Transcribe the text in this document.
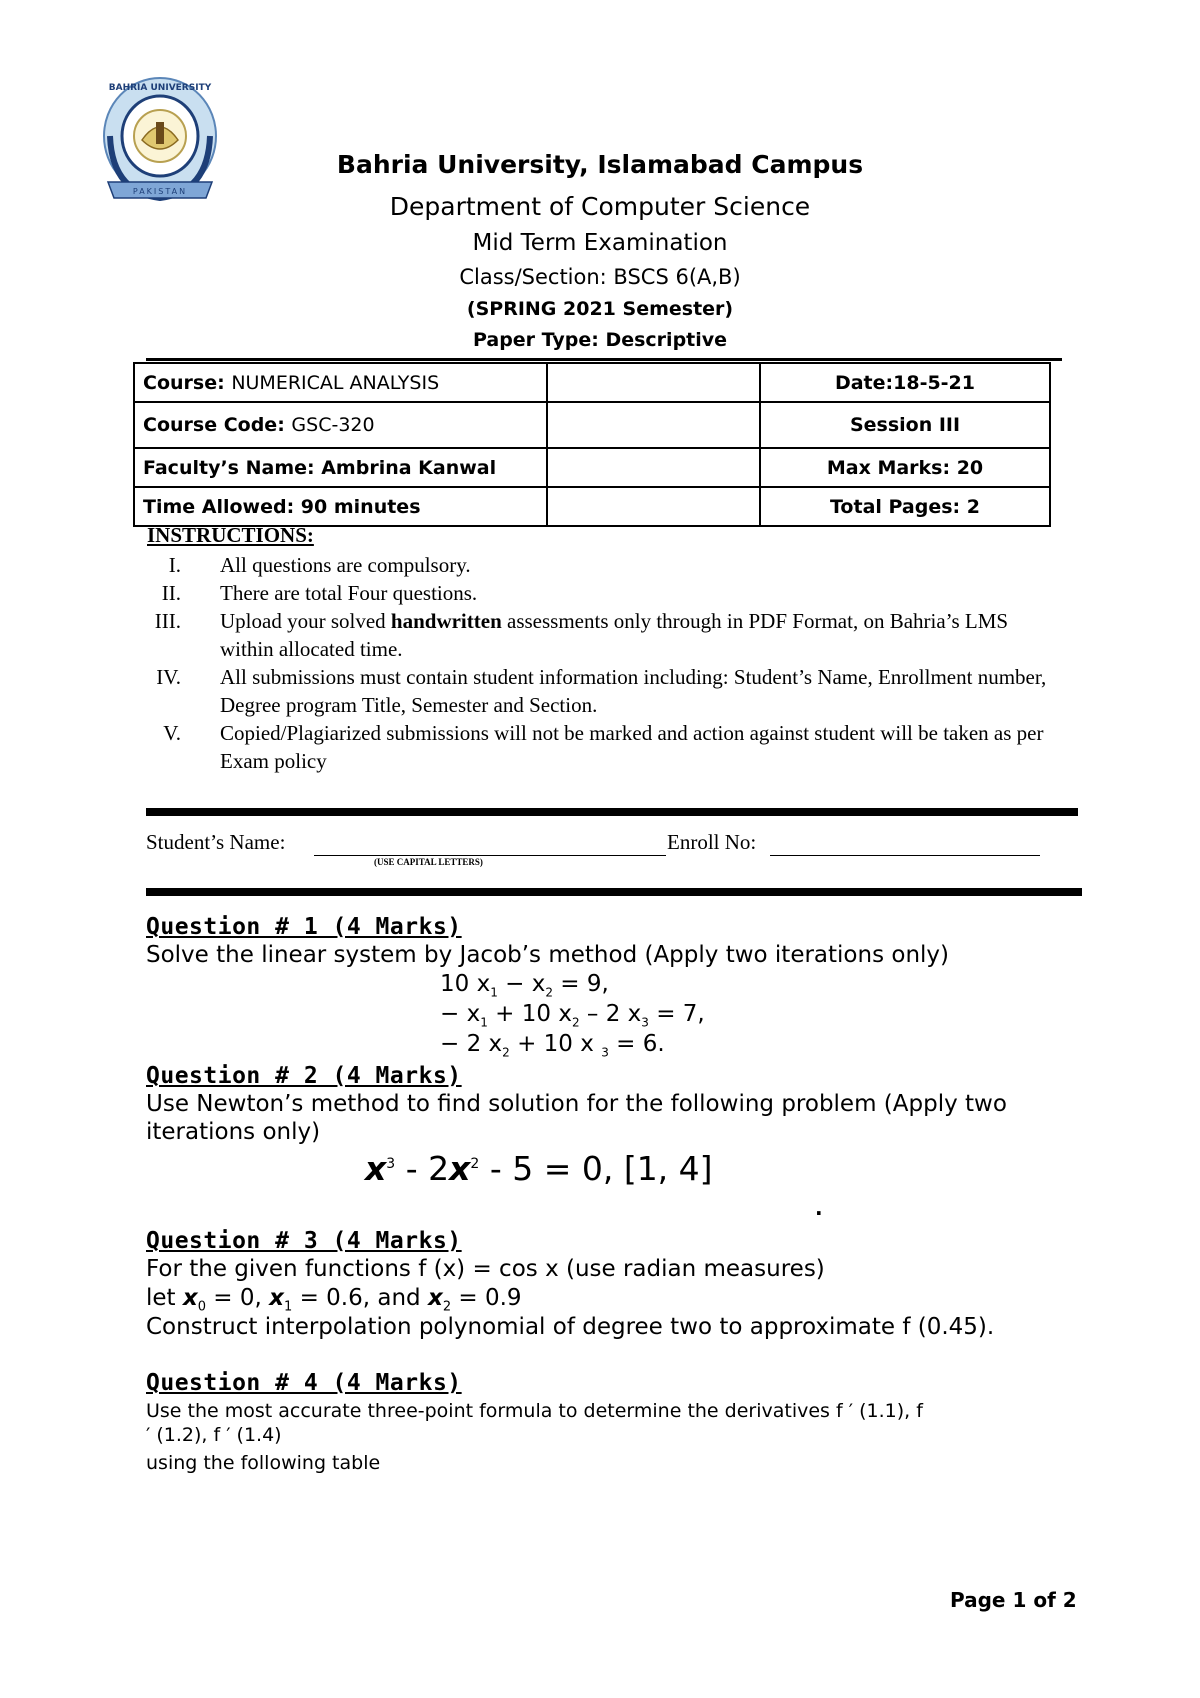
PAKISTAN
BAHRIA UNIVERSITY
Bahria University, Islamabad Campus
Department of Computer Science
Mid Term Examination
Class/Section: BSCS 6(A,B)
(SPRING 2021 Semester)
Paper Type: Descriptive
Course: NUMERICAL ANALYSIS		Date:18-5-21
Course Code: GSC-320		Session III
Faculty’s Name: Ambrina Kanwal		Max Marks: 20
Time Allowed: 90 minutes		Total Pages: 2
INSTRUCTIONS:
I. All questions are compulsory.
II. There are total Four questions.
III. Upload your solved handwritten assessments only through in PDF Format, on Bahria’s LMS within allocated time.
IV. All submissions must contain student information including: Student’s Name, Enrollment number, Degree program Title, Semester and Section.
V. Copied/Plagiarized submissions will not be marked and action against student will be taken as per Exam policy
Student’s Name:	Enroll No:
(USE CAPITAL LETTERS)
Question # 1 (4 Marks)
Solve the linear system by Jacob’s method (Apply two iterations only)
10 $x_1 - x_2 = 9$,
− $x_1 + 10$ $x_2 - 2$ $x_3 = 7$,
− 2 $x_2 + 10$ x $_3$ = 6.
Question # 2 (4 Marks)
Use Newton’s method to find solution for the following problem (Apply two
iterations only)
$x^3 - 2x^2 - 5 = 0$, [1, 4]
.
Question # 3 (4 Marks)
For the given functions f (x) = cos x (use radian measures)
let $x_0 = 0$, $x_1 = 0.6$, and $x_2 = 0.9$
Construct interpolation polynomial of degree two to approximate f (0.45).
Question # 4 (4 Marks)
Use the most accurate three-point formula to determine the derivatives f ′ (1.1), f
′ (1.2), f ′ (1.4)
using the following table
Page 1 of 2
